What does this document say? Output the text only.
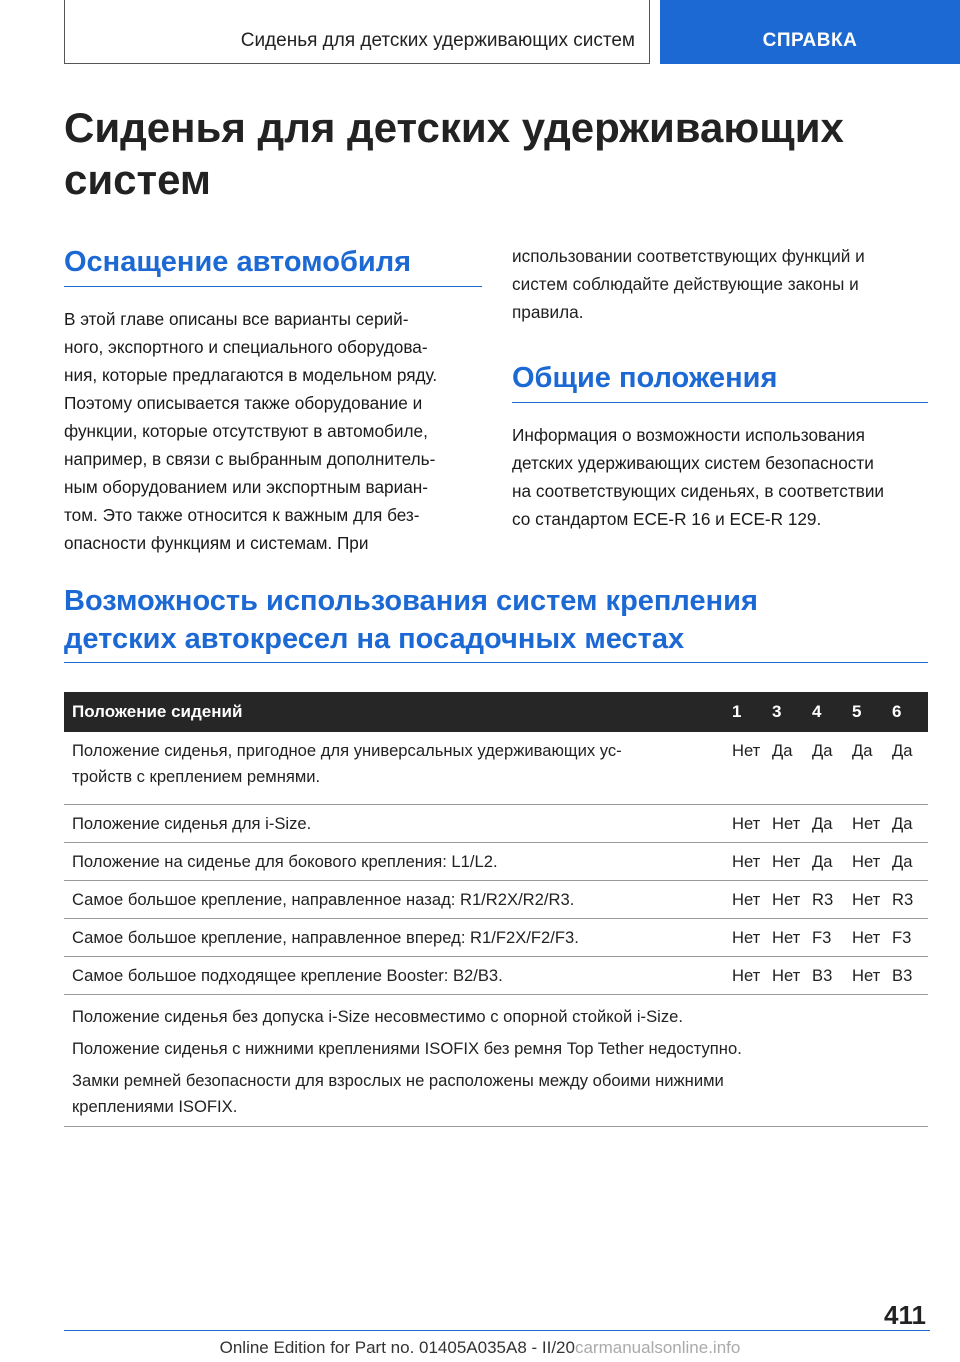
Сиденья для детских удерживающих систем	СПРАВКА
Сиденья для детских удерживающих
систем
Оснащение автомобиля
В этой главе описаны все варианты серий-
ного, экспортного и специального оборудова-
ния, которые предлагаются в модельном ряду.
Поэтому описывается также оборудование и
функции, которые отсутствуют в автомобиле,
например, в связи с выбранным дополнитель-
ным оборудованием или экспортным вариан-
том. Это также относится к важным для без-
опасности функциям и системам. При
использовании соответствующих функций и
систем соблюдайте действующие законы и
правила.
Общие положения
Информация о возможности использования
детских удерживающих систем безопасности
на соответствующих сиденьях, в соответствии
со стандартом ECE-R 16 и ECE-R 129.
Возможность использования систем крепления
детских автокресел на посадочных местах
Положение сидений	1	3	4	5	6
Положение сиденья, пригодное для универсальных удерживающих ус-
тройств с креплением ремнями.	Нет	Да	Да	Да	Да
Положение сиденья для i-Size.	Нет	Нет	Да	Нет	Да
Положение на сиденье для бокового крепления: L1/L2.	Нет	Нет	Да	Нет	Да
Самое большое крепление, направленное назад: R1/R2X/R2/R3.	Нет	Нет	R3	Нет	R3
Самое большое крепление, направленное вперед: R1/F2X/F2/F3.	Нет	Нет	F3	Нет	F3
Самое большое подходящее крепление Booster: B2/B3.	Нет	Нет	B3	Нет	B3

Положение сиденья без допуска i-Size несовместимо с опорной стойкой i-Size.

Положение сиденья с нижними креплениями ISOFIX без ремня Top Tether недоступно.

Замки ремней безопасности для взрослых не расположены между обоими нижними
креплениями ISOFIX.

411
Online Edition for Part no. 01405A035A8 - II/20carmanualsonline.info
